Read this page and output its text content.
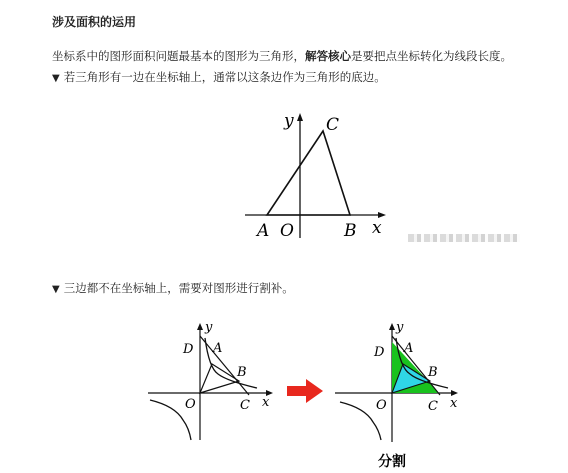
涉及面积的运用
坐标系中的图形面积问题最基本的图形为三角形，解答核心是要把点坐标转化为线段长度。
▼ 若三角形有一边在坐标轴上，通常以这条边作为三角形的底边。
y C
A O	B x
▼ 三边都不在坐标轴上，需要对图形进行割补。
y
D A
B
O	C x
y
D A
B
O	C x
分割
